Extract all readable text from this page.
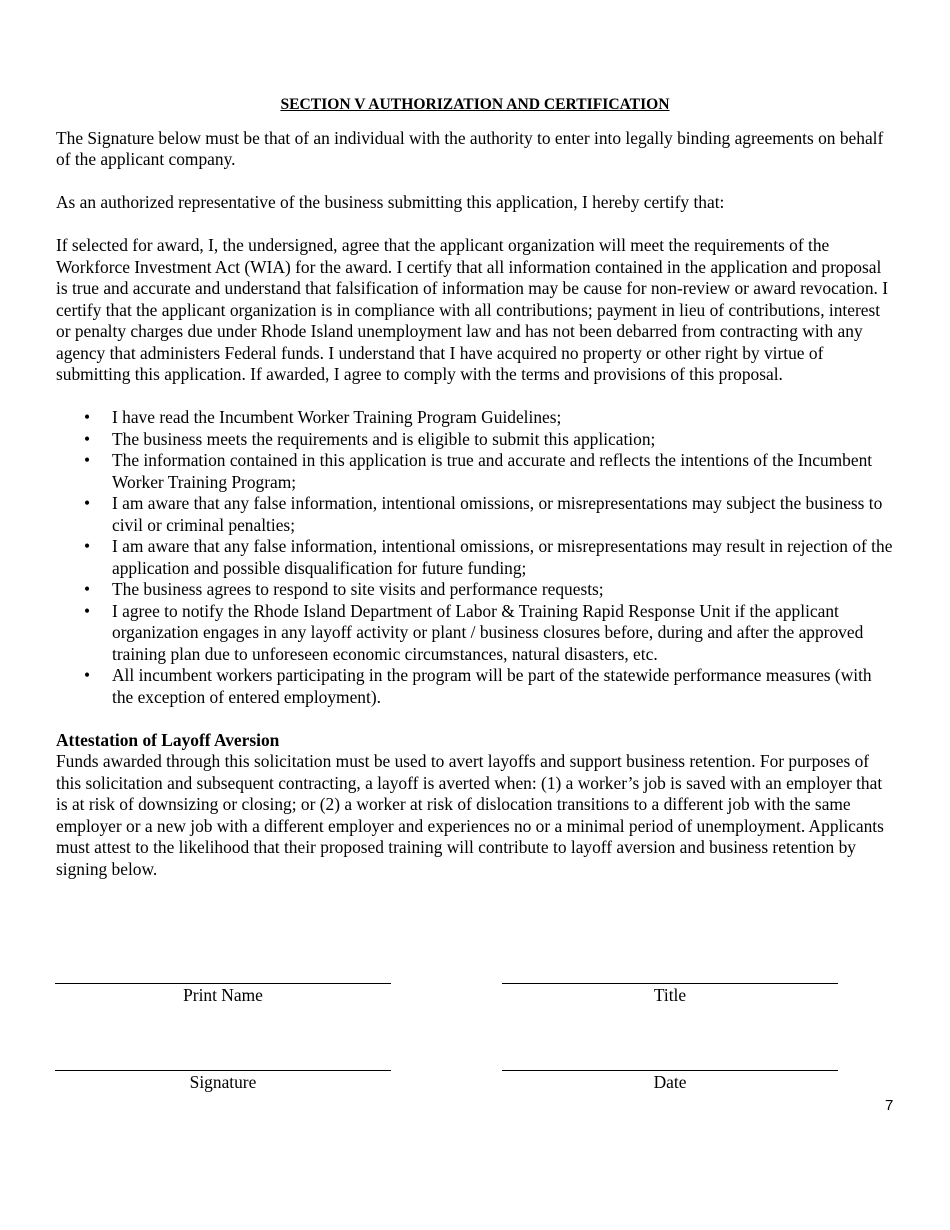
SECTION V AUTHORIZATION AND CERTIFICATION

The Signature below must be that of an individual with the authority to enter into legally binding agreements on behalf of the applicant company.

As an authorized representative of the business submitting this application, I hereby certify that:

If selected for award, I, the undersigned, agree that the applicant organization will meet the requirements of the Workforce Investment Act (WIA) for the award. I certify that all information contained in the application and proposal is true and accurate and understand that falsification of information may be cause for non-review or award revocation. I certify that the applicant organization is in compliance with all contributions; payment in lieu of contributions, interest or penalty charges due under Rhode Island unemployment law and has not been debarred from contracting with any agency that administers Federal funds. I understand that I have acquired no property or other right by virtue of submitting this application. If awarded, I agree to comply with the terms and provisions of this proposal.

• I have read the Incumbent Worker Training Program Guidelines;
• The business meets the requirements and is eligible to submit this application;
• The information contained in this application is true and accurate and reflects the intentions of the Incumbent Worker Training Program;
• I am aware that any false information, intentional omissions, or misrepresentations may subject the business to civil or criminal penalties;
• I am aware that any false information, intentional omissions, or misrepresentations may result in rejection of the application and possible disqualification for future funding;
• The business agrees to respond to site visits and performance requests;
• I agree to notify the Rhode Island Department of Labor & Training Rapid Response Unit if the applicant organization engages in any layoff activity or plant / business closures before, during and after the approved training plan due to unforeseen economic circumstances, natural disasters, etc.
• All incumbent workers participating in the program will be part of the statewide performance measures (with the exception of entered employment).
Attestation of Layoff Aversion
Funds awarded through this solicitation must be used to avert layoffs and support business retention. For purposes of this solicitation and subsequent contracting, a layoff is averted when: (1) a worker’s job is saved with an employer that is at risk of downsizing or closing; or (2) a worker at risk of dislocation transitions to a different job with the same employer or a new job with a different employer and experiences no or a minimal period of unemployment. Applicants must attest to the likelihood that their proposed training will contribute to layoff aversion and business retention by signing below.
Print Name	Title
Signature	Date
7
